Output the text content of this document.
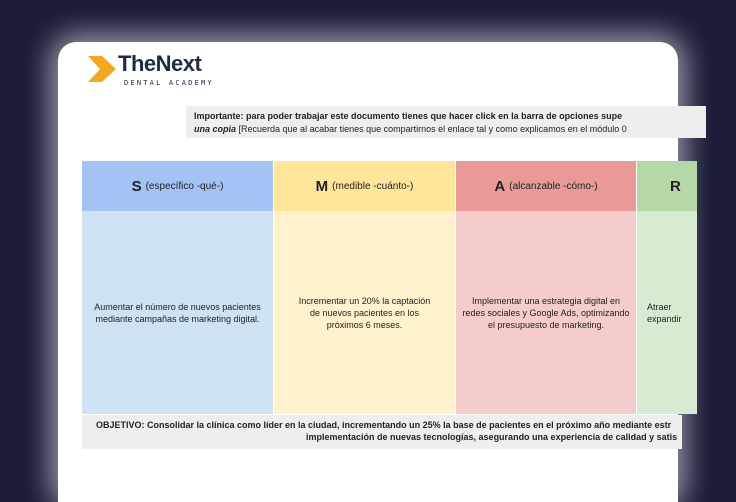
TheNext
DENTAL ACADEMY
Importante: para poder trabajar este documento tienes que hacer click en la barra de opciones supe
una copia [Recuerda que al acabar tienes que compartirnos el enlace tal y como explicamos en el módulo 0
S (específico -qué-)
Aumentar el número de nuevos pacientes mediante campañas de marketing digital.
M (medible -cuánto-)
Incrementar un 20% la captación de nuevos pacientes en los próximos 6 meses.
A (alcanzable -cómo-)
Implementar una estrategia digital en redes sociales y Google Ads, optimizando el presupuesto de marketing.
R
Atraer expandir
OBJETIVO: Consolidar la clínica como líder en la ciudad, incrementando un 25% la base de pacientes en el próximo año mediante estr
implementación de nuevas tecnologías, asegurando una experiencia de calidad y satis
